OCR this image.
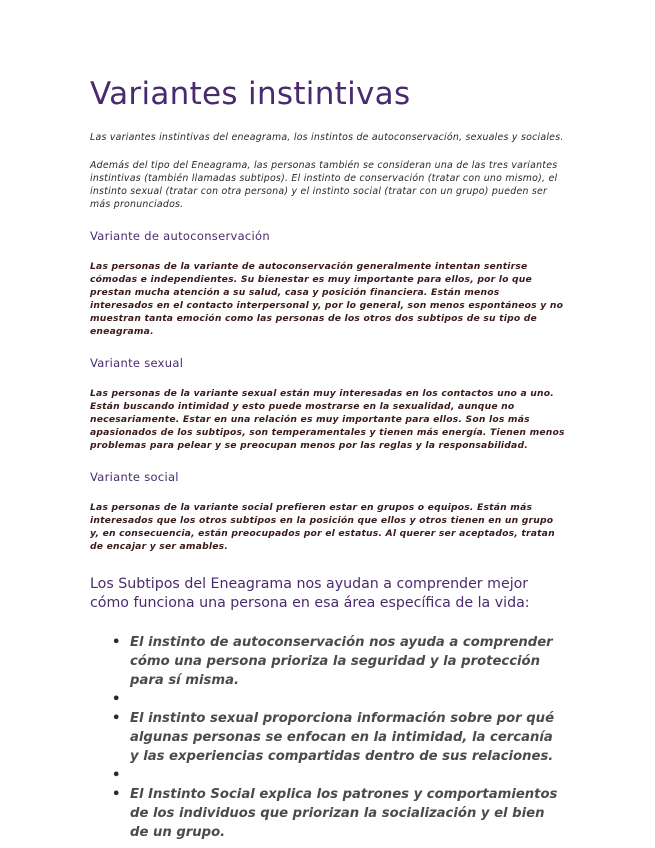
Variantes instintivas

Las variantes instintivas del eneagrama, los instintos de autoconservación, sexuales y sociales.

Además del tipo del Eneagrama, las personas también se consideran una de las tres variantes instintivas (también llamadas subtipos). El instinto de conservación (tratar con uno mismo), el instinto sexual (tratar con otra persona) y el instinto social (tratar con un grupo) pueden ser más pronunciados.

Variante de autoconservación

Las personas de la variante de autoconservación generalmente intentan sentirse cómodas e independientes. Su bienestar es muy importante para ellos, por lo que prestan mucha atención a su salud, casa y posición financiera. Están menos interesados en el contacto interpersonal y, por lo general, son menos espontáneos y no muestran tanta emoción como las personas de los otros dos subtipos de su tipo de eneagrama.

Variante sexual

Las personas de la variante sexual están muy interesadas en los contactos uno a uno. Están buscando intimidad y esto puede mostrarse en la sexualidad, aunque no necesariamente. Estar en una relación es muy importante para ellos. Son los más apasionados de los subtipos, son temperamentales y tienen más energía. Tienen menos problemas para pelear y se preocupan menos por las reglas y la responsabilidad.

Variante social

Las personas de la variante social prefieren estar en grupos o equipos. Están más interesados que los otros subtipos en la posición que ellos y otros tienen en un grupo y, en consecuencia, están preocupados por el estatus. Al querer ser aceptados, tratan de encajar y ser amables.

Los Subtipos del Eneagrama nos ayudan a comprender mejor cómo funciona una persona en esa área específica de la vida:
• El instinto de autoconservación nos ayuda a comprender cómo una persona prioriza la seguridad y la protección para sí misma.
•
• El instinto sexual proporciona información sobre por qué algunas personas se enfocan en la intimidad, la cercanía y las experiencias compartidas dentro de sus relaciones.
•
• El Instinto Social explica los patrones y comportamientos de los individuos que priorizan la socialización y el bien de un grupo.
